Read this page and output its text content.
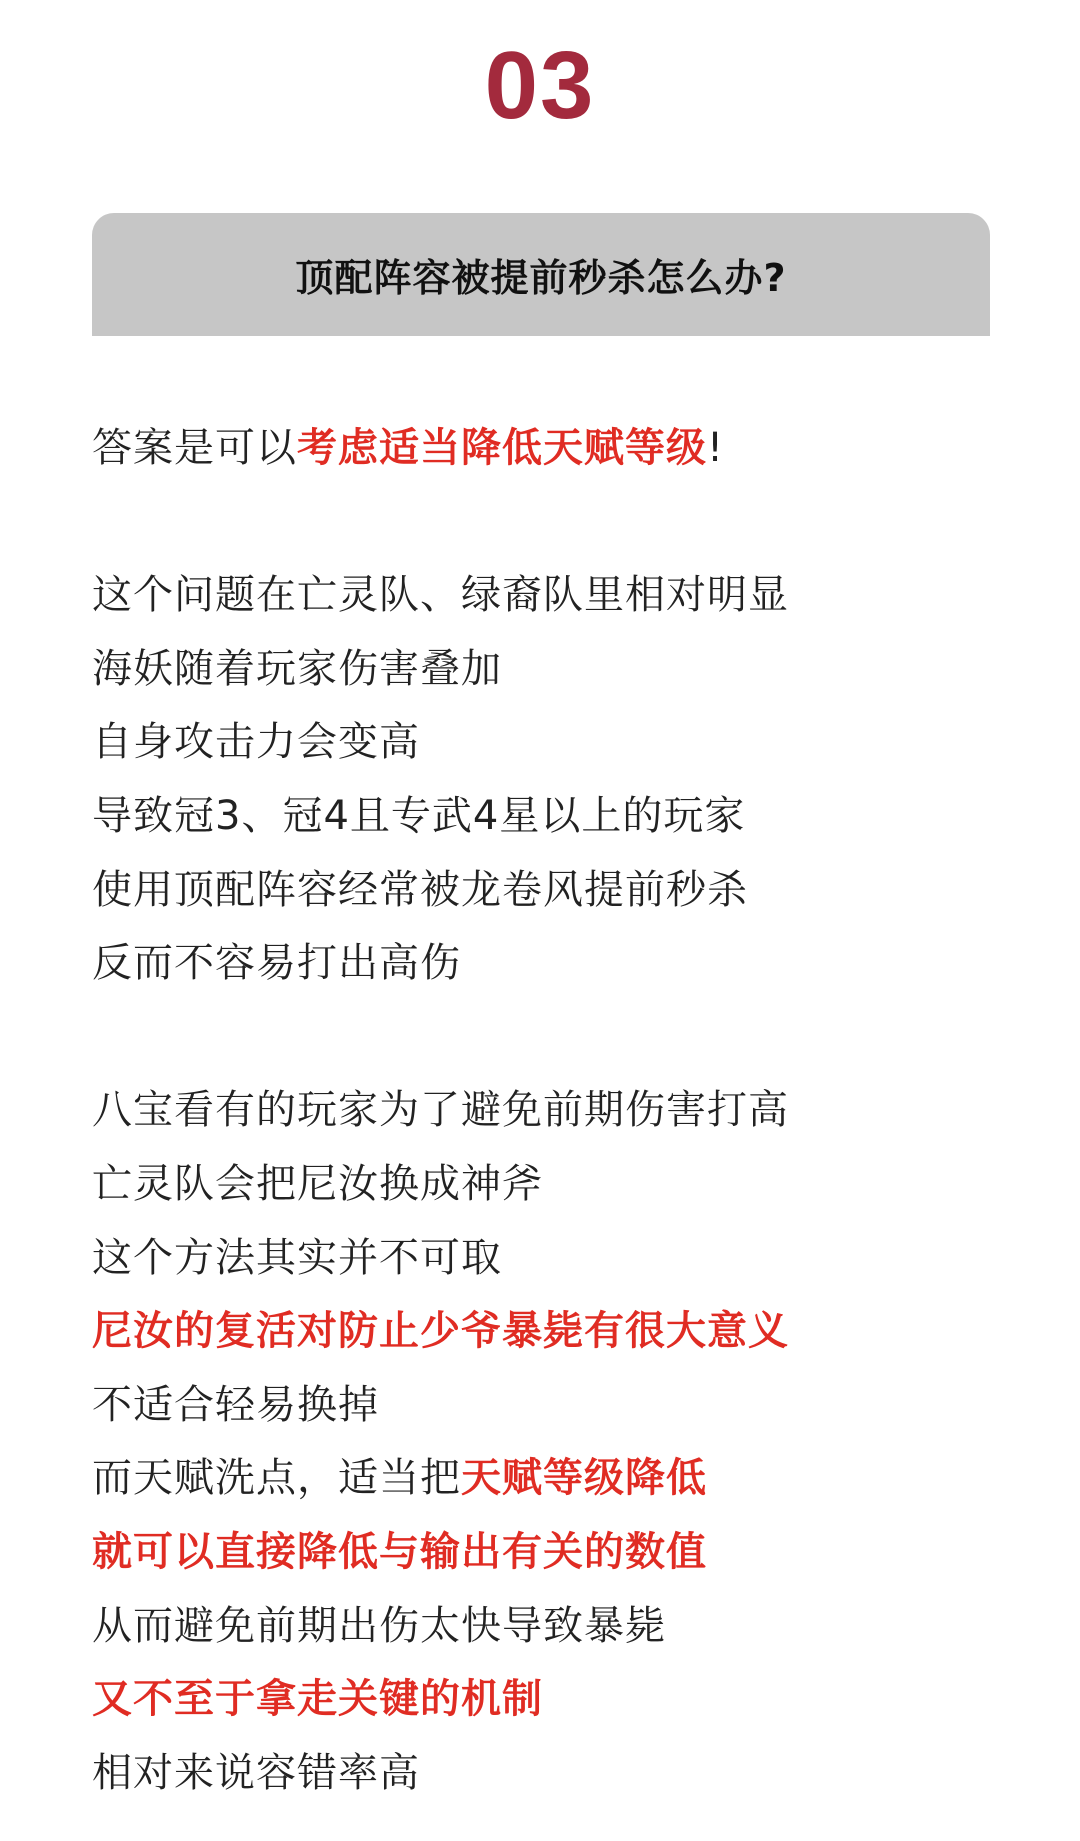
03
顶配阵容被提前秒杀怎么办?
答案是可以考虑适当降低天赋等级!
这个问题在亡灵队、绿裔队里相对明显
海妖随着玩家伤害叠加
自身攻击力会变高
导致冠3、冠4且专武4星以上的玩家
使用顶配阵容经常被龙卷风提前秒杀
反而不容易打出高伤
八宝看有的玩家为了避免前期伤害打高
亡灵队会把尼汝换成神斧
这个方法其实并不可取
尼汝的复活对防止少爷暴毙有很大意义
不适合轻易换掉
而天赋洗点，适当把天赋等级降低
就可以直接降低与输出有关的数值
从而避免前期出伤太快导致暴毙
又不至于拿走关键的机制
相对来说容错率高
